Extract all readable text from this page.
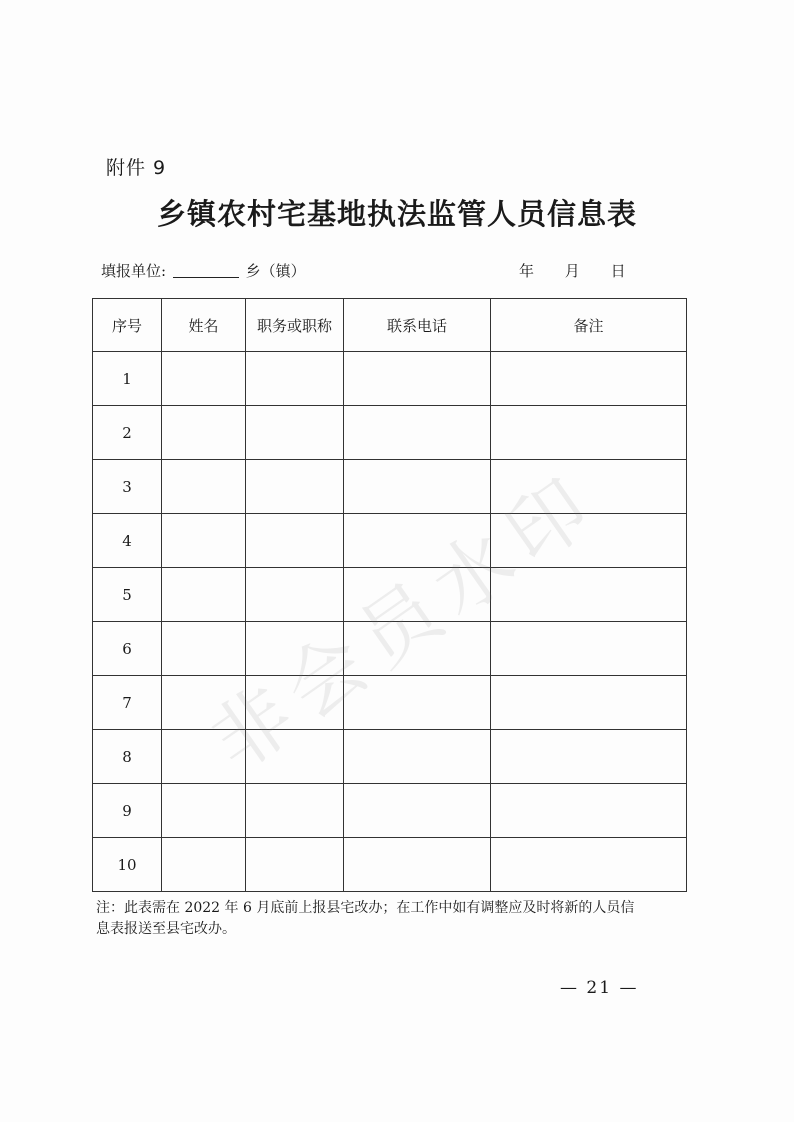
附件 9
乡镇农村宅基地执法监管人员信息表
填报单位:	乡（镇）	年 月 日
序号	姓名	职务或职称	联系电话	备注
1				
2				
3				
4				
5				
6				
7				
8				
9				
10				
注：此表需在 2022 年 6 月底前上报县宅改办；在工作中如有调整应及时将新的人员信
息表报送至县宅改办。
— 21 —
非会员水印
